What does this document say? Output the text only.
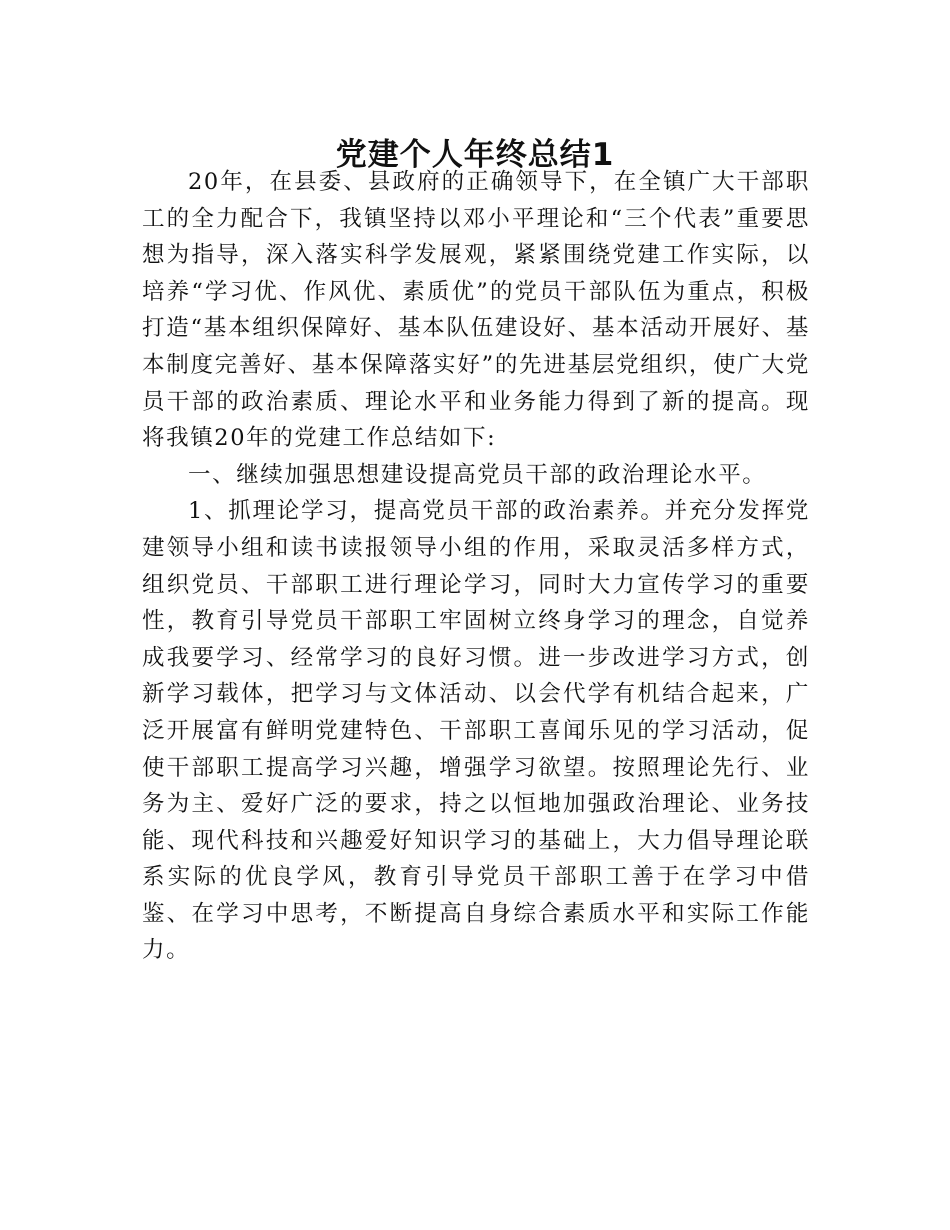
党建个人年终总结1

20年，在县委、县政府的正确领导下，在全镇广大干部职工的全力配合下，我镇坚持以邓小平理论和“三个代表”重要思想为指导，深入落实科学发展观，紧紧围绕党建工作实际，以培养“学习优、作风优、素质优”的党员干部队伍为重点，积极打造“基本组织保障好、基本队伍建设好、基本活动开展好、基本制度完善好、基本保障落实好”的先进基层党组织，使广大党员干部的政治素质、理论水平和业务能力得到了新的提高。现将我镇20年的党建工作总结如下:

一、继续加强思想建设提高党员干部的政治理论水平。

1、抓理论学习，提高党员干部的政治素养。并充分发挥党建领导小组和读书读报领导小组的作用，采取灵活多样方式，组织党员、干部职工进行理论学习，同时大力宣传学习的重要性，教育引导党员干部职工牢固树立终身学习的理念，自觉养成我要学习、经常学习的良好习惯。进一步改进学习方式，创新学习载体，把学习与文体活动、以会代学有机结合起来，广泛开展富有鲜明党建特色、干部职工喜闻乐见的学习活动，促使干部职工提高学习兴趣，增强学习欲望。按照理论先行、业务为主、爱好广泛的要求，持之以恒地加强政治理论、业务技能、现代科技和兴趣爱好知识学习的基础上，大力倡导理论联系实际的优良学风，教育引导党员干部职工善于在学习中借鉴、在学习中思考，不断提高自身综合素质水平和实际工作能力。
